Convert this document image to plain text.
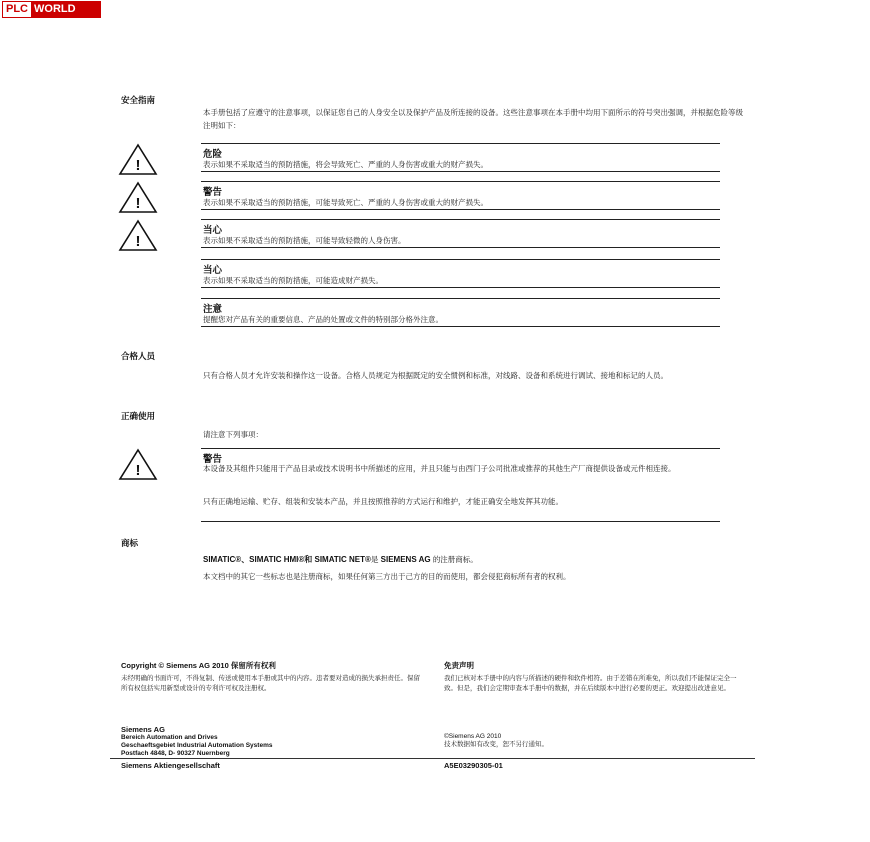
PLC WORLD
安全指南
本手册包括了应遵守的注意事项，以保证您自己的人身安全以及保护产品及所连接的设备。这些注意事项在本手册中均用下面所示的符号突出强调，并根据危险等级注明如下：
!
危险
表示如果不采取适当的预防措施，将会导致死亡、严重的人身伤害或重大的财产损失。
!
警告
表示如果不采取适当的预防措施，可能导致死亡、严重的人身伤害或重大的财产损失。
!
当心
表示如果不采取适当的预防措施，可能导致轻微的人身伤害。
当心
表示如果不采取适当的预防措施，可能造成财产损失。
注意
提醒您对产品有关的重要信息、产品的处置或文件的特别部分格外注意。
合格人员
只有合格人员才允许安装和操作这一设备。合格人员规定为根据既定的安全惯例和标准，对线路、设备和系统进行调试、接地和标记的人员。
正确使用
请注意下列事项：
!
警告
本设备及其组件只能用于产品目录或技术说明书中所描述的应用，并且只能与由西门子公司批准或推荐的其他生产厂商提供设备或元件相连接。
只有正确地运输、贮存、组装和安装本产品，并且按照推荐的方式运行和维护，才能正确安全地发挥其功能。
商标
SIMATIC®、SIMATIC HMI®和 SIMATIC NET®是 SIEMENS AG 的注册商标。
本文档中的其它一些标志也是注册商标，如果任何第三方出于己方的目的而使用，都会侵犯商标所有者的权利。
Copyright © Siemens AG 2010 保留所有权利
未经明确的书面许可，不得复制、传送或使用本手册或其中的内容。违者要对造成的损失承担责任。保留所有权包括实用新型或设计的专利许可权及注册权。
免责声明
我们已核对本手册中的内容与所描述的硬件和软件相符。由于差错在所难免，所以我们不能保证完全一致。但是，我们会定期审查本手册中的数据，并在后续版本中进行必要的更正。欢迎提出改进意见。
Siemens AG
Bereich Automation and Drives
Geschaeftsgebiet Industrial Automation Systems
Postfach 4848, D- 90327 Nuernberg
©Siemens AG 2010
技术数据如有改变，恕不另行通知。
Siemens Aktiengesellschaft	A5E03290305-01
